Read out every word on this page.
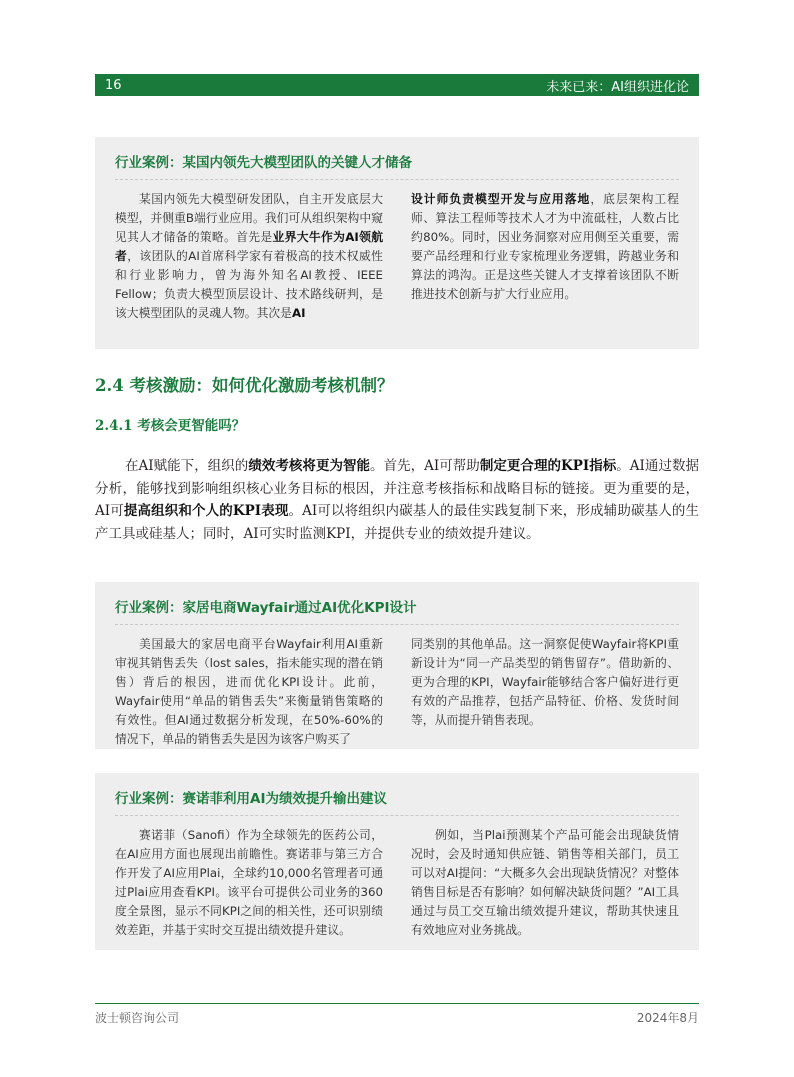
16	未来已来：AI组织进化论

行业案例：某国内领先大模型团队的关键人才储备

某国内领先大模型研发团队，自主开发底层大模型，并侧重B端行业应用。我们可从组织架构中窥见其人才储备的策略。首先是业界大牛作为AI领航者，该团队的AI首席科学家有着极高的技术权威性和行业影响力，曾为海外知名AI教授、IEEE Fellow；负责大模型顶层设计、技术路线研判，是该大模型团队的灵魂人物。其次是AI

设计师负责模型开发与应用落地，底层架构工程师、算法工程师等技术人才为中流砥柱，人数占比约80%。同时，因业务洞察对应用侧至关重要，需要产品经理和行业专家梳理业务逻辑，跨越业务和算法的鸿沟。正是这些关键人才支撑着该团队不断推进技术创新与扩大行业应用。

2.4 考核激励：如何优化激励考核机制？
2.4.1 考核会更智能吗？

在AI赋能下，组织的绩效考核将更为智能。首先，AI可帮助制定更合理的KPI指标。AI通过数据分析，能够找到影响组织核心业务目标的根因，并注意考核指标和战略目标的链接。更为重要的是，AI可提高组织和个人的KPI表现。AI可以将组织内碳基人的最佳实践复制下来，形成辅助碳基人的生产工具或硅基人；同时，AI可实时监测KPI，并提供专业的绩效提升建议。

行业案例：家居电商Wayfair通过AI优化KPI设计

美国最大的家居电商平台Wayfair利用AI重新审视其销售丢失（lost sales，指未能实现的潜在销售）背后的根因，进而优化KPI设计。此前，Wayfair使用“单品的销售丢失”来衡量销售策略的有效性。但AI通过数据分析发现，在50%-60%的情况下，单品的销售丢失是因为该客户购买了

同类别的其他单品。这一洞察促使Wayfair将KPI重新设计为“同一产品类型的销售留存”。借助新的、更为合理的KPI，Wayfair能够结合客户偏好进行更有效的产品推荐，包括产品特征、价格、发货时间等，从而提升销售表现。

行业案例：赛诺菲利用AI为绩效提升输出建议

赛诺菲（Sanofi）作为全球领先的医药公司，在AI应用方面也展现出前瞻性。赛诺菲与第三方合作开发了AI应用Plai，全球约10,000名管理者可通过Plai应用查看KPI。该平台可提供公司业务的360度全景图，显示不同KPI之间的相关性，还可识别绩效差距，并基于实时交互提出绩效提升建议。

例如，当Plai预测某个产品可能会出现缺货情况时，会及时通知供应链、销售等相关部门，员工可以对AI提问：“大概多久会出现缺货情况？对整体销售目标是否有影响？如何解决缺货问题？”AI工具通过与员工交互输出绩效提升建议，帮助其快速且有效地应对业务挑战。

波士顿咨询公司	2024年8月
